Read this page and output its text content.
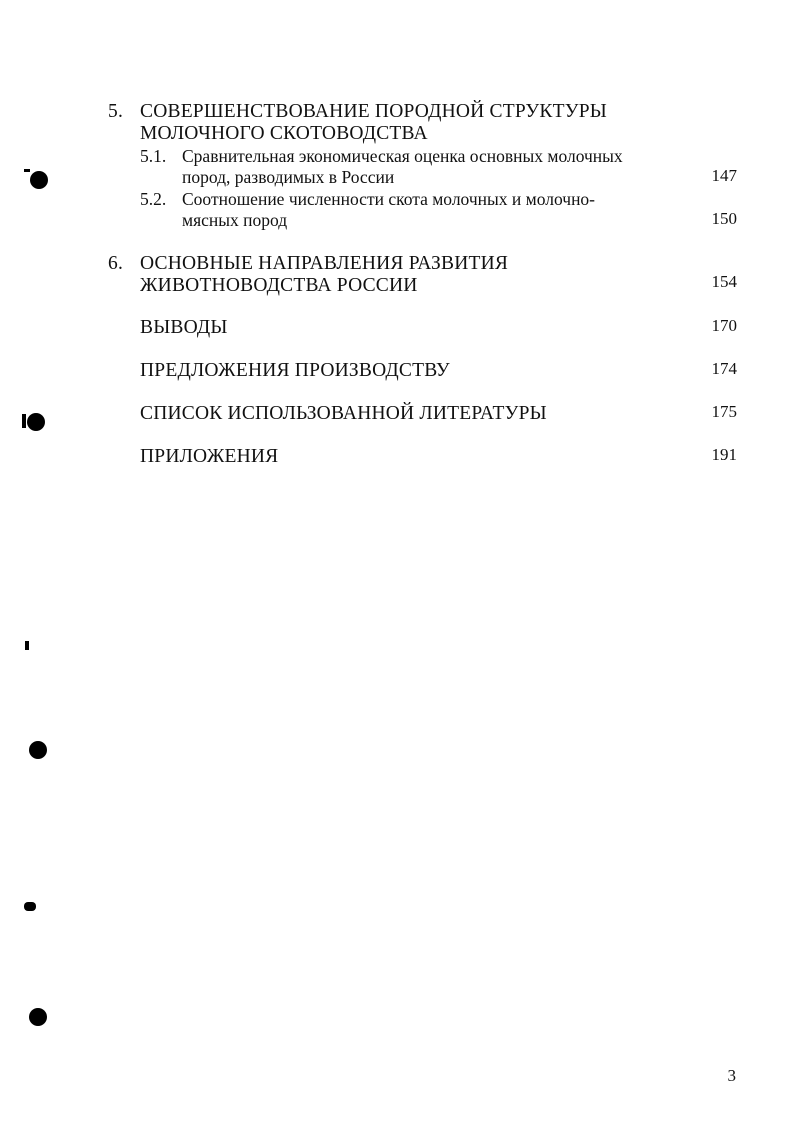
5. СОВЕРШЕНСТВОВАНИЕ ПОРОДНОЙ СТРУКТУРЫ
МОЛОЧНОГО СКОТОВОДСТВА
5.1. Сравнительная экономическая оценка основных молочных
пород, разводимых в России	147
5.2. Соотношение численности скота молочных и молочно-
мясных пород	150
6. ОСНОВНЫЕ НАПРАВЛЕНИЯ РАЗВИТИЯ
ЖИВОТНОВОДСТВА РОССИИ	154
ВЫВОДЫ	170
ПРЕДЛОЖЕНИЯ ПРОИЗВОДСТВУ	174
СПИСОК ИСПОЛЬЗОВАННОЙ ЛИТЕРАТУРЫ	175
ПРИЛОЖЕНИЯ	191
3
